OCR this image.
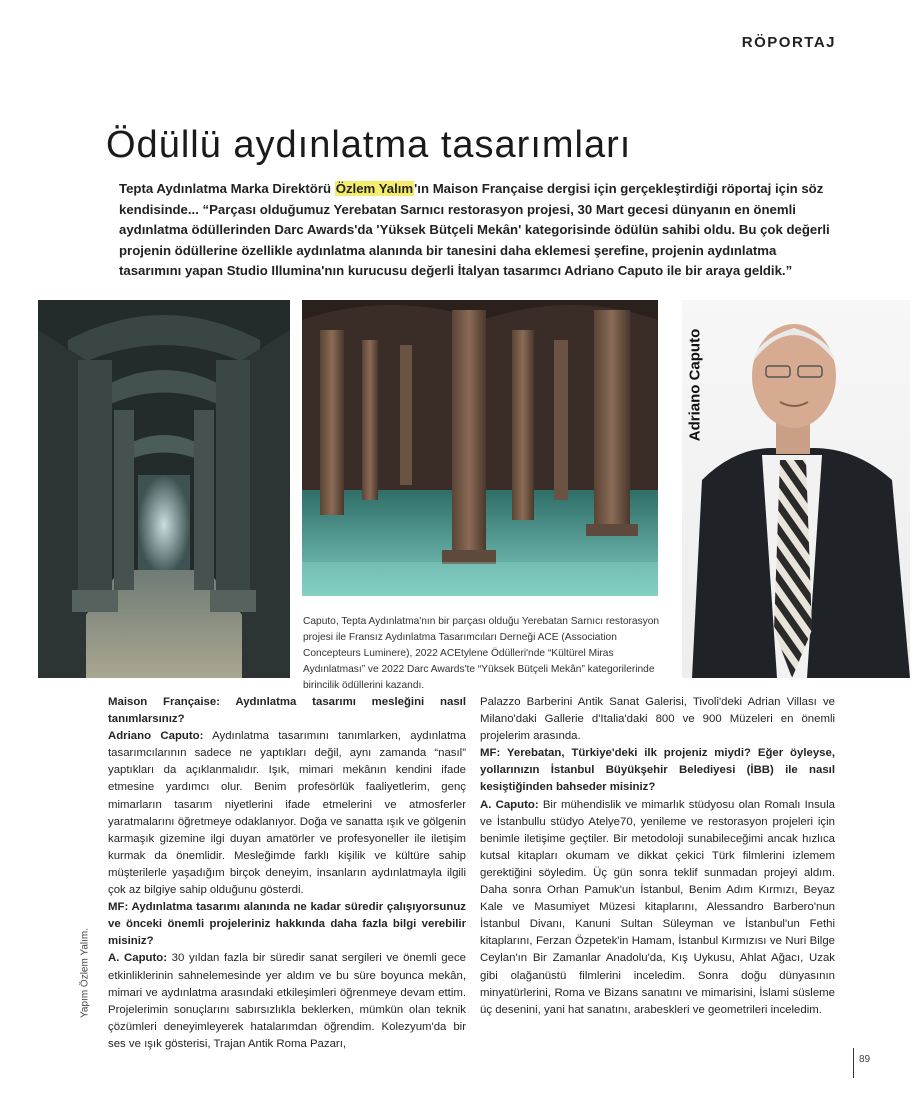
RÖPORTAJ
Ödüllü aydınlatma tasarımları
Tepta Aydınlatma Marka Direktörü Özlem Yalım'ın Maison Française dergisi için gerçekleştirdiği röportaj için söz kendisinde... “Parçası olduğumuz Yerebatan Sarnıcı restorasyon projesi, 30 Mart gecesi dünyanın en önemli aydınlatma ödüllerinden Darc Awards'da 'Yüksek Bütçeli Mekân' kategorisinde ödülün sahibi oldu. Bu çok değerli projenin ödüllerine özellikle aydınlatma alanında bir tanesini daha eklemesi şerefine, projenin aydınlatma tasarımını yapan Studio Illumina'nın kurucusu değerli İtalyan tasarımcı Adriano Caputo ile bir araya geldik.”
Adriano Caputo
Caputo, Tepta Aydınlatma'nın bir parçası olduğu Yerebatan Sarnıcı restorasyon projesi ile Fransız Aydınlatma Tasarımcıları Derneği ACE (Association Concepteurs Luminere), 2022 ACEtylene Ödülleri'nde “Kültürel Miras Aydınlatması” ve 2022 Darc Awards'te “Yüksek Bütçeli Mekân” kategorilerinde birincilik ödüllerini kazandı.

Maison Française: Aydınlatma tasarımı mesleğini nasıl tanımlarsınız?

Adriano Caputo: Aydınlatma tasarımını tanımlarken, aydınlatma tasarımcılarının sadece ne yaptıkları değil, aynı zamanda “nasıl” yaptıkları da açıklanmalıdır. Işık, mimari mekânın kendini ifade etmesine yardımcı olur. Benim profesörlük faaliyetlerim, genç mimarların tasarım niyetlerini ifade etmelerini ve atmosferler yaratmalarını öğretmeye odaklanıyor. Doğa ve sanatta ışık ve gölgenin karmaşık gizemine ilgi duyan amatörler ve profesyoneller ile iletişim kurmak da önemlidir. Mesleğimde farklı kişilik ve kültüre sahip müşterilerle yaşadığım birçok deneyim, insanların aydınlatmayla ilgili çok az bilgiye sahip olduğunu gösterdi.

MF: Aydınlatma tasarımı alanında ne kadar süredir çalışıyorsunuz ve önceki önemli projeleriniz hakkında daha fazla bilgi verebilir misiniz?

A. Caputo: 30 yıldan fazla bir süredir sanat sergileri ve önemli gece etkinliklerinin sahnelemesinde yer aldım ve bu süre boyunca mekân, mimari ve aydınlatma arasındaki etkileşimleri öğrenmeye devam ettim. Projelerimin sonuçlarını sabırsızlıkla beklerken, mümkün olan teknik çözümleri deneyimleyerek hatalarımdan öğrendim. Kolezyum'da bir ses ve ışık gösterisi, Trajan Antik Roma Pazarı,

Palazzo Barberini Antik Sanat Galerisi, Tivoli'deki Adrian Villası ve Milano'daki Gallerie d'Italia'daki 800 ve 900 Müzeleri en önemli projelerim arasında.

MF: Yerebatan, Türkiye'deki ilk projeniz miydi? Eğer öyleyse, yollarınızın İstanbul Büyükşehir Belediyesi (İBB) ile nasıl kesiştiğinden bahseder misiniz?

A. Caputo: Bir mühendislik ve mimarlık stüdyosu olan Romalı Insula ve İstanbullu stüdyo Atelye70, yenileme ve restorasyon projeleri için benimle iletişime geçtiler. Bir metodoloji sunabileceğimi ancak hızlıca kutsal kitapları okumam ve dikkat çekici Türk filmlerini izlemem gerektiğini söyledim. Üç gün sonra teklif sunmadan projeyi aldım. Daha sonra Orhan Pamuk'un İstanbul, Benim Adım Kırmızı, Beyaz Kale ve Masumiyet Müzesi kitaplarını, Alessandro Barbero'nun İstanbul Divanı, Kanuni Sultan Süleyman ve İstanbul'un Fethi kitaplarını, Ferzan Özpetek'in Hamam, İstanbul Kırmızısı ve Nuri Bilge Ceylan'ın Bir Zamanlar Anadolu'da, Kış Uykusu, Ahlat Ağacı, Uzak gibi olağanüstü filmlerini inceledim. Sonra doğu dünyasının minyatürlerini, Roma ve Bizans sanatını ve mimarisini, İslami süsleme üç desenini, yani hat sanatını, arabeskleri ve geometrileri inceledim.

Yapım Özlem Yalım.
89
